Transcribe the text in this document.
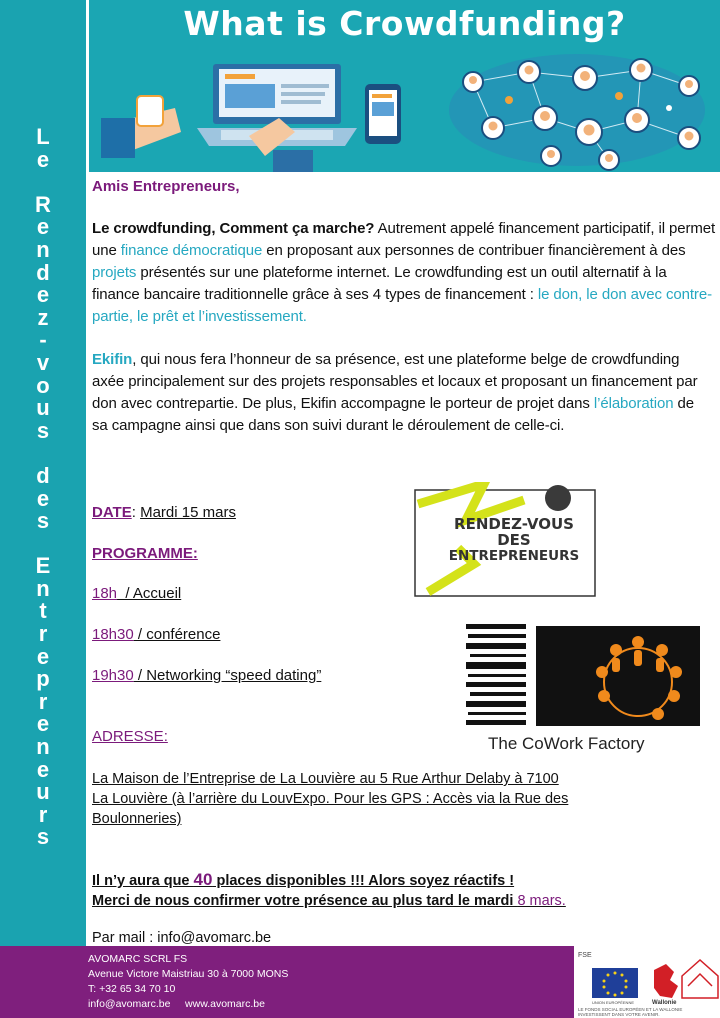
L
e

R
e
n
d
e
z
-
v
o
u
s

d
e
s

E
n
t
r
e
p
r
e
n
e
u
r
s
What is Crowdfunding?
Amis Entrepreneurs,
Le crowdfunding, Comment ça marche? Autrement appelé financement participatif, il permet une finance démocratique en proposant aux personnes de contribuer financièrement à des projets présentés sur une plateforme internet. Le crowdfunding est un outil alternatif à la finance bancaire traditionnelle grâce à ses 4 types de financement : le don, le don avec contre-partie, le prêt et l’investissement.
Ekifin, qui nous fera l’honneur de sa présence, est une plateforme belge de crowdfunding axée principalement sur des projets responsables et locaux et proposant un financement par don avec contrepartie. De plus, Ekifin accompagne le porteur de projet dans l’élaboration de sa campagne ainsi que dans son suivi durant le déroulement de celle-ci.
DATE: Mardi 15 mars
PROGRAMME:
18h  / Accueil
18h30 / conférence
19h30 / Networking “speed dating”
ADRESSE:
La Maison de l’Entreprise de La Louvière au 5 Rue Arthur Delaby à 7100
La Louvière (à l’arrière du LouvExpo. Pour les GPS : Accès via la Rue des
Boulonneries)
Il n’y aura que 40 places disponibles !!! Alors soyez réactifs !
Merci de nous confirmer votre présence au plus tard le mardi 8 mars.
Par mail : info@avomarc.be
RENDEZ-VOUS
DES
ENTREPRENEURS
The CoWork Factory
AVOMARC SCRL FS
Avenue Victore Maistriau 30 à 7000 MONS
T: +32 65 34 70 10
info@avomarc.be www.avomarc.be
FSE
UNION EUROPÉENNE	Wallonie
LE FONDS SOCIAL EUROPÉEN ET LA WALLONIE
INVESTISSENT DANS VOTRE AVENIR.
